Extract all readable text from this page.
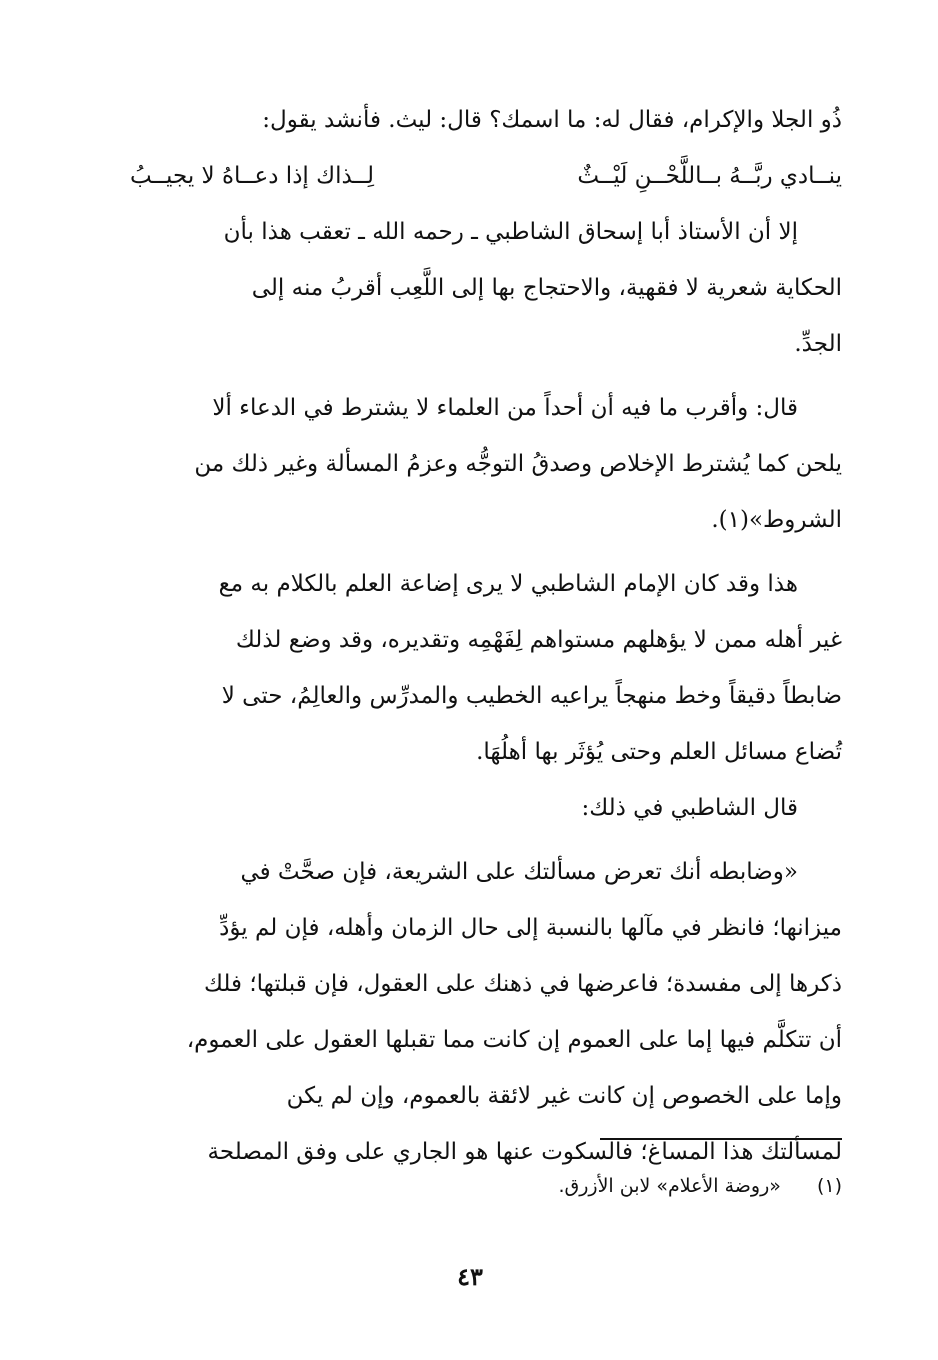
ذُو الجلا والإكرام، فقال له: ما اسمك؟ قال: ليث. فأنشد يقول:
ينــادي ربَّــهُ بــاللَّحْــنِ لَيْــثٌ
لِــذاك إذا دعــاهُ لا يجيــبُ
إلا أن الأستاذ أبا إسحاق الشاطبي ـ رحمه الله ـ تعقب هذا بأن
الحكاية شعرية لا فقهية، والاحتجاج بها إلى اللَّعِب أقربُ منه إلى
الجدِّ.
قال: وأقرب ما فيه أن أحداً من العلماء لا يشترط في الدعاء ألا
يلحن كما يُشترط الإخلاص وصدقُ التوجُّه وعزمُ المسألة وغير ذلك من
الشروط»(١).
هذا وقد كان الإمام الشاطبي لا يرى إضاعة العلم بالكلام به مع
غير أهله ممن لا يؤهلهم مستواهم لِفَهْمِه وتقديره، وقد وضع لذلك
ضابطاً دقيقاً وخط منهجاً يراعيه الخطيب والمدرِّس والعالِمُ، حتى لا
تُضاع مسائل العلم وحتى يُؤثَر بها أهلُهَا.
قال الشاطبي في ذلك:
«وضابطه أنك تعرض مسألتك على الشريعة، فإن صحَّتْ في
ميزانها؛ فانظر في مآلها بالنسبة إلى حال الزمان وأهله، فإن لم يؤدِّ
ذكرها إلى مفسدة؛ فاعرضها في ذهنك على العقول، فإن قبلتها؛ فلك
أن تتكلَّم فيها إما على العموم إن كانت مما تقبلها العقول على العموم،
وإما على الخصوص إن كانت غير لائقة بالعموم، وإن لم يكن
لمسألتك هذا المساغ؛ فالسكوت عنها هو الجاري على وفق المصلحة
(١) «روضة الأعلام» لابن الأزرق.
٤٣
